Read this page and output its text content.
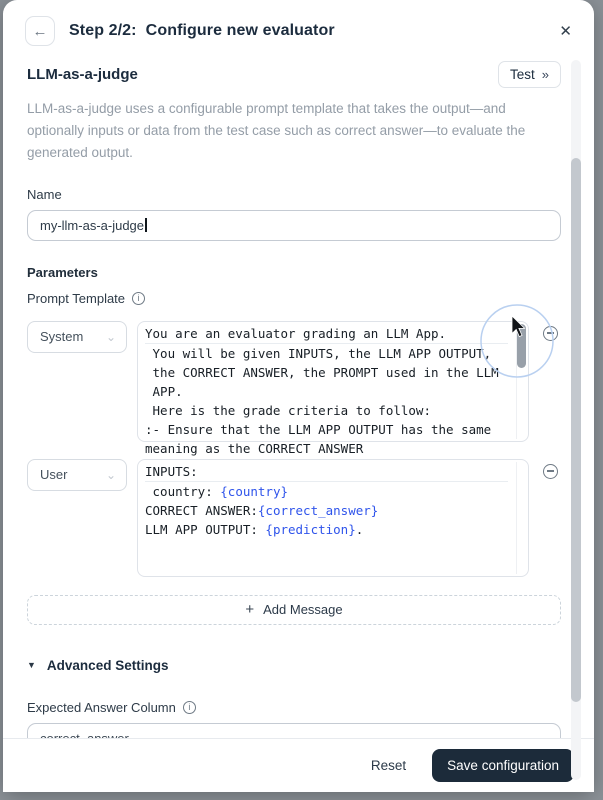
← Step 2/2:  Configure new evaluator	✕
LLM-as-a-judge	Test »
LLM-as-a-judge uses a configurable prompt template that takes the output—and optionally inputs or data from the test case such as correct answer—to evaluate the generated output.
Name
my-llm-as-a-judge
Parameters
Prompt Template	i
System ⌄ You are an evaluator grading an LLM App.
You will be given INPUTS, the LLM APP OUTPUT,
the CORRECT ANSWER, the PROMPT used in the LLM
APP.
Here is the grade criteria to follow:
:- Ensure that the LLM APP OUTPUT has the same
meaning as the CORRECT ANSWER
User	⌄ INPUTS:
country: {country}
CORRECT ANSWER:{correct_answer}
LLM APP OUTPUT: {prediction}.
+ Add Message
▼ Advanced Settings
Expected Answer Column	i
Reset	Save configuration
